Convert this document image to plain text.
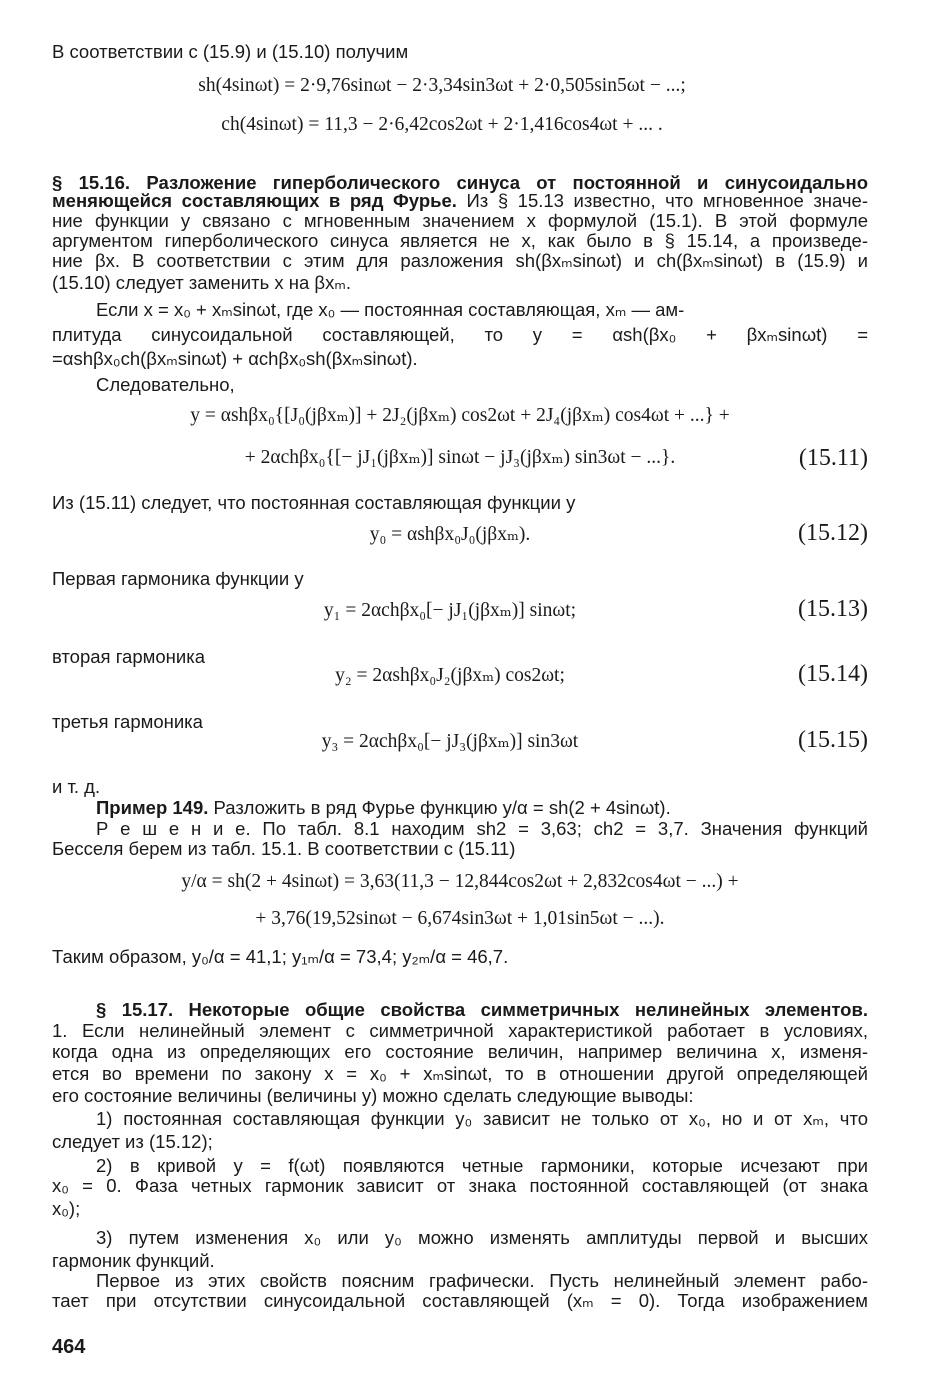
В соответствии с (15.9) и (15.10) получим
sh(4sinωt) = 2·9,76sinωt − 2·3,34sin3ωt + 2·0,505sin5ωt − ...;
ch(4sinωt) = 11,3 − 2·6,42cos2ωt + 2·1,416cos4ωt + ... .
§ 15.16. Разложение гиперболического синуса от постоянной и синусоидально
меняющейся составляющих в ряд Фурье. Из § 15.13 известно, что мгновенное значе-
ние функции y связано с мгновенным значением x формулой (15.1). В этой формуле
аргументом гиперболического синуса является не x, как было в § 15.14, а произведе-
ние βx. В соответствии с этим для разложения sh(βxₘsinωt) и ch(βxₘsinωt) в (15.9) и
(15.10) следует заменить x на βxₘ.
Если x = x₀ + xₘsinωt, где x₀ — постоянная составляющая, xₘ — ам-
плитуда синусоидальной составляющей, то y = αsh(βx₀ + βxₘsinωt) =
=αshβx₀ch(βxₘsinωt) + αchβx₀sh(βxₘsinωt).
Следовательно,
y = αshβx₀{[J₀(jβxₘ)] + 2J₂(jβxₘ) cos2ωt + 2J₄(jβxₘ) cos4ωt + ...} +
+ 2αchβx₀{[− jJ₁(jβxₘ)] sinωt − jJ₃(jβxₘ) sin3ωt − ...}.	(15.11)
Из (15.11) следует, что постоянная составляющая функции y
y₀ = αshβx₀J₀(jβxₘ).	(15.12)
Первая гармоника функции y
y₁ = 2αchβx₀[− jJ₁(jβxₘ)] sinωt;	(15.13)
вторая гармоника
y₂ = 2αshβx₀J₂(jβxₘ) cos2ωt;	(15.14)
третья гармоника
y₃ = 2αchβx₀[− jJ₃(jβxₘ)] sin3ωt	(15.15)
и т. д.
Пример 149. Разложить в ряд Фурье функцию y/α = sh(2 + 4sinωt).
Р е ш е н и е. По табл. 8.1 находим sh2 = 3,63; ch2 = 3,7. Значения функций
Бесселя берем из табл. 15.1. В соответствии с (15.11)
y/α = sh(2 + 4sinωt) = 3,63(11,3 − 12,844cos2ωt + 2,832cos4ωt − ...) +
+ 3,76(19,52sinωt − 6,674sin3ωt + 1,01sin5ωt − ...).
Таким образом, y₀/α = 41,1; y₁ₘ/α = 73,4; y₂ₘ/α = 46,7.
§ 15.17. Некоторые общие свойства симметричных нелинейных элементов.
1. Если нелинейный элемент с симметричной характеристикой работает в условиях,
когда одна из определяющих его состояние величин, например величина x, изменя-
ется во времени по закону x = x₀ + xₘsinωt, то в отношении другой определяющей
его состояние величины (величины y) можно сделать следующие выводы:
1) постоянная составляющая функции y₀ зависит не только от x₀, но и от xₘ, что
следует из (15.12);
2) в кривой y = f(ωt) появляются четные гармоники, которые исчезают при
x₀ = 0. Фаза четных гармоник зависит от знака постоянной составляющей (от знака
x₀);
3) путем изменения x₀ или y₀ можно изменять амплитуды первой и высших
гармоник функций.
Первое из этих свойств поясним графически. Пусть нелинейный элемент рабо-
тает при отсутствии синусоидальной составляющей (xₘ = 0). Тогда изображением
464
